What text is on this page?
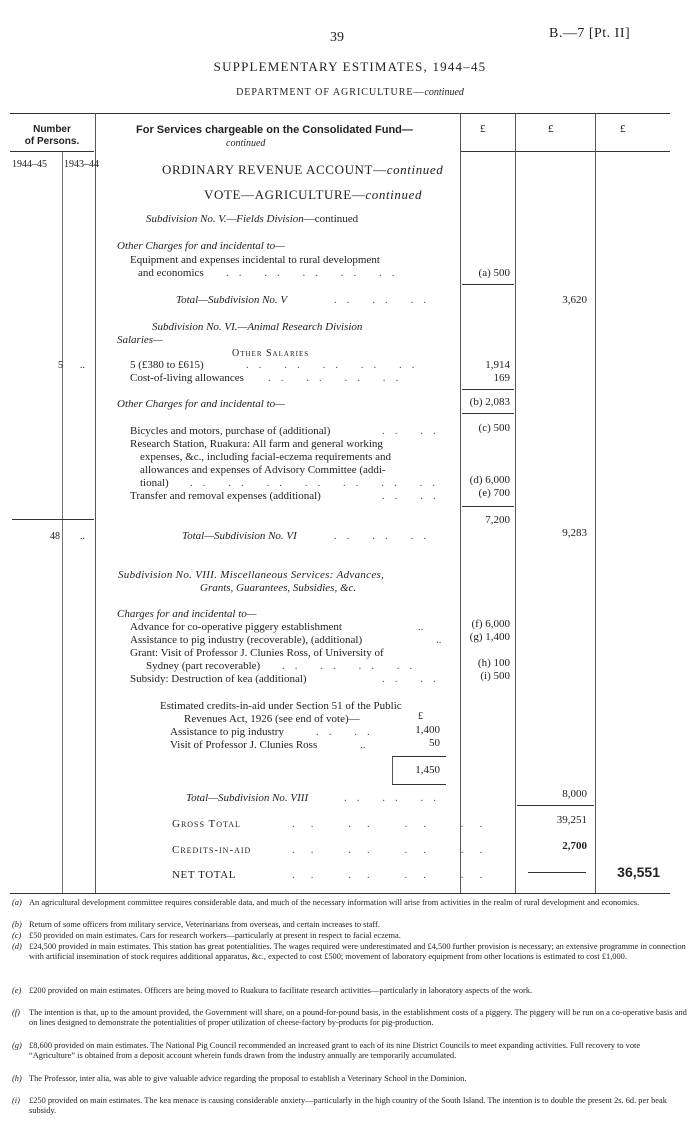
39	B.—7 [Pt. II]
SUPPLEMENTARY ESTIMATES, 1944–45
DEPARTMENT OF AGRICULTURE—continued
Number
of Persons.
1944–45 1943–44
For Services chargeable on the Consolidated Fund—
continued
£	£	£
ORDINARY REVENUE ACCOUNT—continued
VOTE—AGRICULTURE—continued
Subdivision No. V.—Fields Division—continued
Other Charges for and incidental to—
Equipment and expenses incidental to rural development
and economics .. .. .. .. ..	(a) 500
Total—Subdivision No. V	.. .. ..	3,620
Subdivision No. VI.—Animal Research Division
Salaries—
Other Salaries
5 ..	5 (£380 to £615)	.. .. .. .. ..	1,914
Cost-of-living allowances .. .. .. ..	169
Other Charges for and incidental to—	(b) 2,083
Bicycles and motors, purchase of (additional)	.. ..	(c) 500
Research Station, Ruakura: All farm and general working
expenses, &c., including facial-eczema requirements and
allowances and expenses of Advisory Committee (addi-
tional) .. .. .. .. .. .. ..	(d) 6,000
Transfer and removal expenses (additional)	.. ..	(e) 700
7,200
48 ..	Total—Subdivision No. VI	.. .. ..	9,283
Subdivision No. VIII. Miscellaneous Services: Advances,
Grants, Guarantees, Subsidies, &c.
Charges for and incidental to—
Advance for co-operative piggery establishment	..	(f) 6,000
Assistance to pig industry (recoverable), (additional)	..	(g) 1,400
Grant: Visit of Professor J. Clunies Ross, of University of
Sydney (part recoverable) .. .. .. ..	(h) 100
Subsidy: Destruction of kea (additional)	.. ..	(i) 500
Estimated credits-in-aid under Section 51 of the Public
Revenues Act, 1926 (see end of vote)—	£
Assistance to pig industry	.. ..	1,400
Visit of Professor J. Clunies Ross	..	50
1,450
Total—Subdivision No. VIII	.. .. ..	8,000
Gross Total	.. .. .. ..	39,251
Credits-in-aid	.. .. .. ..	2,700
NET TOTAL	.. .. .. ..	36,551
(a) An agricultural development committee requires considerable data, and much of the necessary information will arise from activities in the realm of rural development and economics.
(b) Return of some officers from military service, Veterinarians from overseas, and certain increases to staff.
(c) £50 provided on main estimates. Cars for research workers—particularly at present in respect to facial eczema.
(d) £24,500 provided in main estimates. This station has great potentialities. The wages required were underestimated and £4,500 further provision is necessary; an extensive programme in connection with artificial insemination of stock requires additional apparatus, &c., expected to cost £500; movement of laboratory equipment from other locations is estimated to cost £1,000.
(e) £200 provided on main estimates. Officers are being moved to Ruakura to facilitate research activities—particularly in laboratory aspects of the work.
(f)	The intention is that, up to the amount provided, the Government will share, on a pound-for-pound basis, in the establishment costs of a piggery. The piggery will be run on a co-operative basis and on lines designed to demonstrate the potentialities of proper utilization of cheese-factory by-products for pig-production.
(g) £8,600 provided on main estimates. The National Pig Council recommended an increased grant to each of its nine District Councils to meet expanding activities. Full recovery to vote “Agriculture” is obtained from a deposit account wherein funds drawn from the industry annually are temporarily accumulated.
(h) The Professor, inter alia, was able to give valuable advice regarding the proposal to establish a Veterinary School in the Dominion.
(i)	£250 provided on main estimates. The kea menace is causing considerable anxiety—particularly in the high country of the South Island. The intention is to double the present 2s. 6d. per beak subsidy.
